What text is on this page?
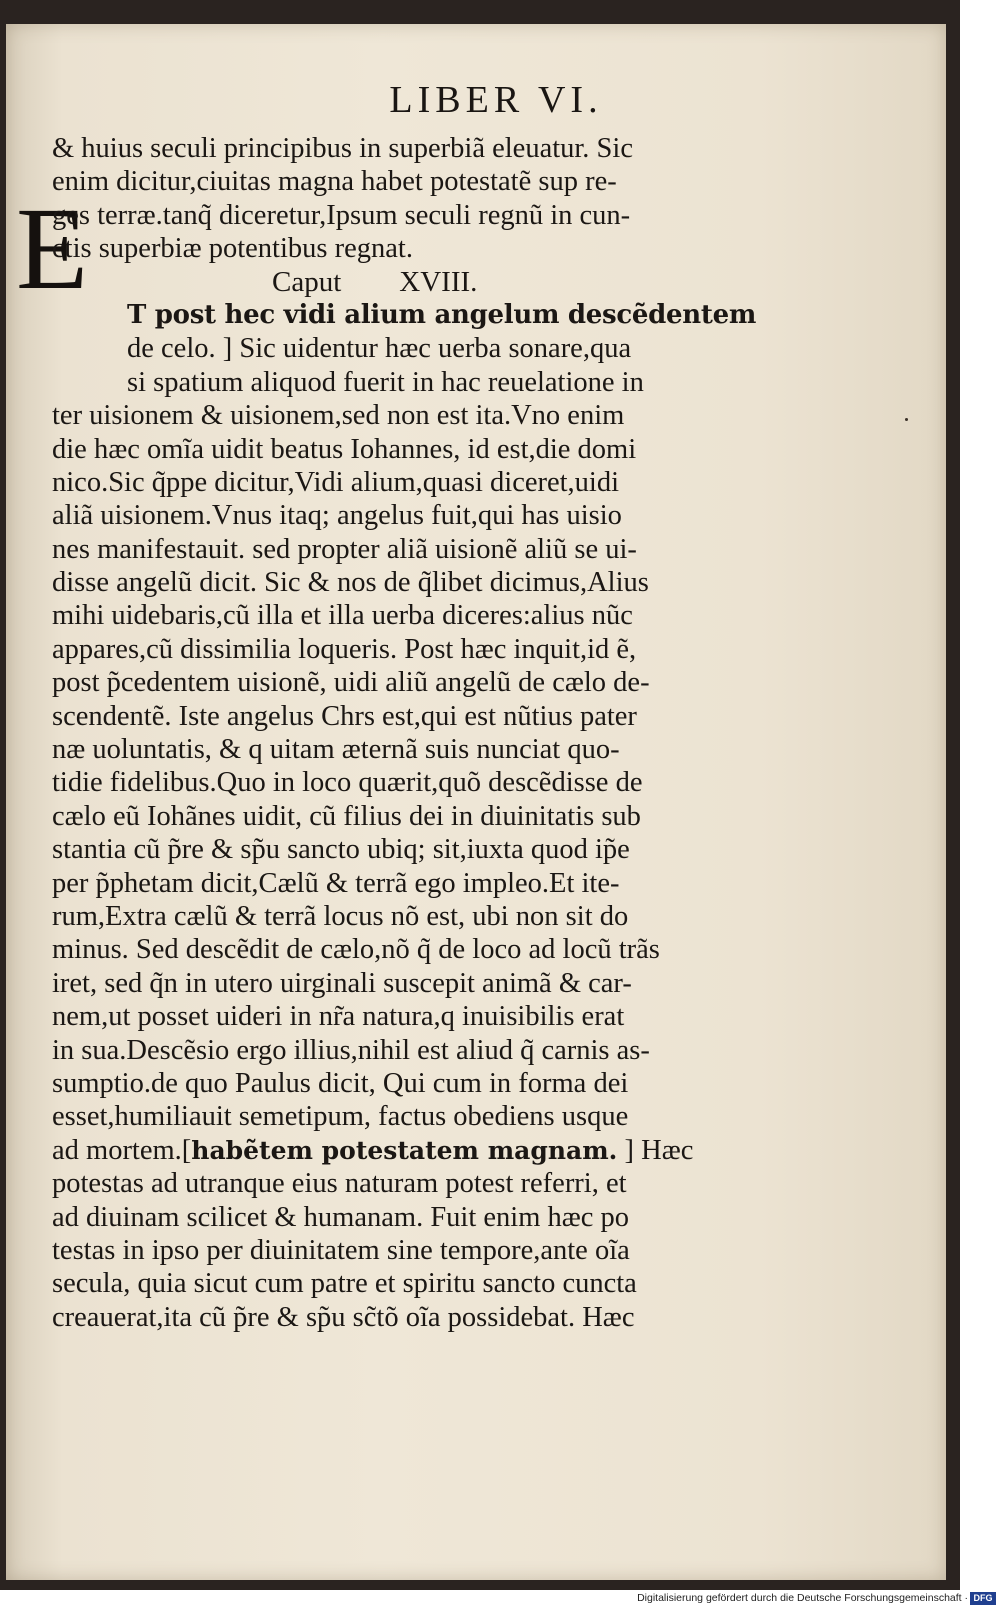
LIBER VI.
E
& huius seculi principibus in superbiã eleuatur. Sic
enim dicitur,ciuitas magna habet potestatẽ sup re-
ges terræ.tanq̃ diceretur,Ipsum seculi regnũ in cun-
ctis superbiæ potentibus regnat.
Caput        XVIII.
T post hec vidi alium angelum descẽdentem
de celo. ] Sic uidentur hæc uerba sonare,qua
si spatium aliquod fuerit in hac reuelatione in
ter uisionem & uisionem,sed non est ita.Vno enim
die hæc omĩa uidit beatus Iohannes, id est,die domi
nico.Sic q̃ppe dicitur,Vidi alium,quasi diceret,uidi
aliã uisionem.Vnus itaq; angelus fuit,qui has uisio
nes manifestauit. sed propter aliã uisionẽ aliũ se ui-
disse angelũ dicit. Sic & nos de q̃libet dicimus,Alius
mihi uidebaris,cũ illa et illa uerba diceres:alius nũc
appares,cũ dissimilia loqueris. Post hæc inquit,id ẽ,
post p̃cedentem uisionẽ, uidi aliũ angelũ de cælo de-
scendentẽ. Iste angelus Chrs est,qui est nũtius pater
næ uoluntatis, & q uitam æternã suis nunciat quo-
tidie fidelibus.Quo in loco quærit,quõ descẽdisse de
cælo eũ Iohãnes uidit, cũ filius dei in diuinitatis sub
stantia cũ p̃re & sp̃u sancto ubiq; sit,iuxta quod ip̃e
per p̃phetam dicit,Cælũ & terrã ego impleo.Et ite-
rum,Extra cælũ & terrã locus nõ est, ubi non sit do
minus. Sed descẽdit de cælo,nõ q̃ de loco ad locũ trãs
iret, sed q̃n in utero uirginali suscepit animã & car-
nem,ut posset uideri in nr̃a natura,q inuisibilis erat
in sua.Descẽsio ergo illius,nihil est aliud q̃ carnis as-
sumptio.de quo Paulus dicit, Qui cum in forma dei
esset,humiliauit semetipum, factus obediens usque
ad mortem.[habẽtem potestatem magnam. ] Hæc
potestas ad utranque eius naturam potest referri, et
ad diuinam scilicet & humanam. Fuit enim hæc po
testas in ipso per diuinitatem sine tempore,ante oĩa
secula, quia sicut cum patre et spiritu sancto cuncta
creauerat,ita cũ p̃re & sp̃u sc̃tõ oĩa possidebat. Hæc
Digitalisierung gefördert durch die Deutsche Forschungsgemeinschaft · DFG
